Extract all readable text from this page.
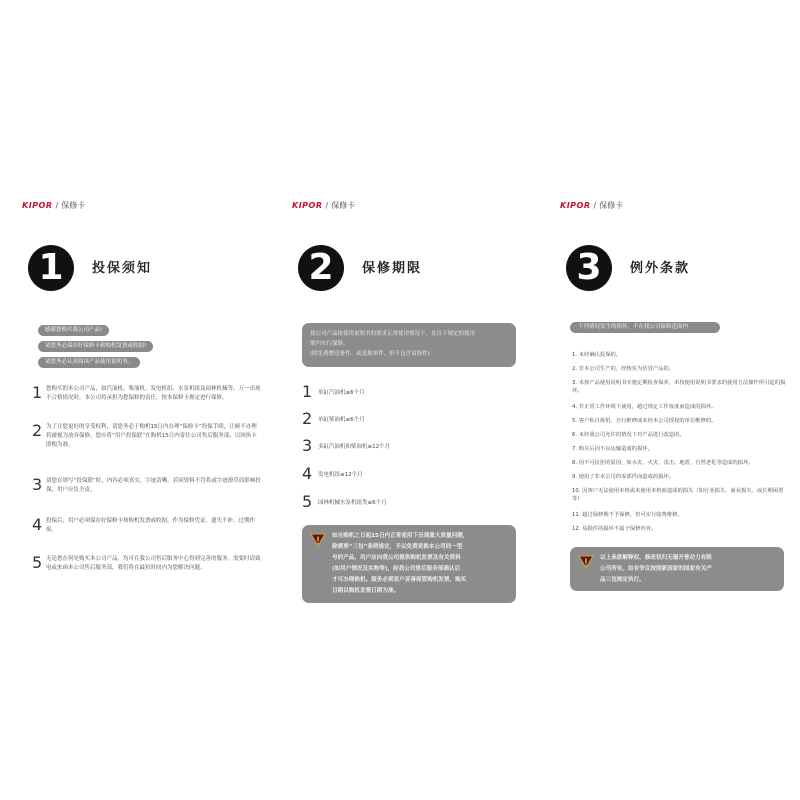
KIPOR / 保修卡
1	投保须知
感谢您购买我公司产品!
请您务必保存好保修卡和购机发票或收据!
请您务必认真阅读产品使用说明书。
1 您购买的本公司产品，如汽油机、柴油机、发电机组、水泵机组及园林机械等，万一出现不合格情况时，本公司将承担为您保修的责任，按本保修卡规定进行保修。
2 为了让您更好的享受权利，请您务必于购机15日内办理“保修卡”投保手续，让顾不办理将被视为放弃保修。您应将“用户投保联”在购机15日内寄往公司售后服务部，以回执卡即购为准。
3 请您在填写“投保联”时，内容必须真实，字迹清晰。若回资料不符将或字迹潦草而影响投保，用户应负全责。
4 投保后，用户必须保存好保修卡和购机发票或收据，作为保修凭证。遗失不补，过期作废。
5 无论您在何处购买本公司产品，均可在我公司售后服务中心得到完善的服务。需要时请致电或来函本公司售后服务部，我们将在最短时间内为您解决问题。
KIPOR / 保修卡
2	保修期限
按公司产品按使用说明书的要求正常使用情况下，在以下规定的使用
期内实行保修。
(除免费赠送备件、或更换零件，但不包含易损件)
1 单缸汽油机≤6个月
2 单缸柴油机≤6个月
3 多缸汽油机和柴油机≤12个月
4 发电机组≤12个月
5 园林机械水泵机组类≤6个月
如自购机之日起15日内正常使用下出现重大质量问题，
除需要“三包”条例规定，予以免费更换本公司同一型
号的产品，用户应向我公司提供购机发票及有关资料
(如用户情况及实物等)，经我公司售后服务部确认后
才可办理换机。服务必须客户妥善保管购机发票，购买
日期以购机发票日期为准。
KIPOR / 保修卡
3	例外条款
下列情况发生的损坏，不在我公司保修范围内
1. 未经确认投保的。
2. 非本公司生产的，经核实为仿冒产品的。
3. 未按产品使用说明书实施定期检查保养，未按使用说明书要求的使用方法操作所引起的损坏。
4. 非正常工作环境下使用，超过规定工作每度而造成的损坏。
5. 客户私自拆机、自行维修或未经本公司授权的单位维修的。
6. 未经我公司允许的情况下对产品进行改造的。
7. 购买后因不良运输造成的损坏。
8. 因不可抗拒的原因，如水灾、火灾、雷击、地震、自然老化等造成的损坏。
9. 使用了非本公司的零部件而造成的损坏。
10. 因客户无法使用本机或未使用本机而造成的损失（如行业损失、商业损失、或长期闲置等）
11. 超过保修期不予保修，但可实行收费维修。
12. 易损件的损坏不属于保修内容。
以上条款解释权、修改权归无锡开普动力有限
公司所有。如有争议按照新国家的国家有关产
品三包规定执行。
